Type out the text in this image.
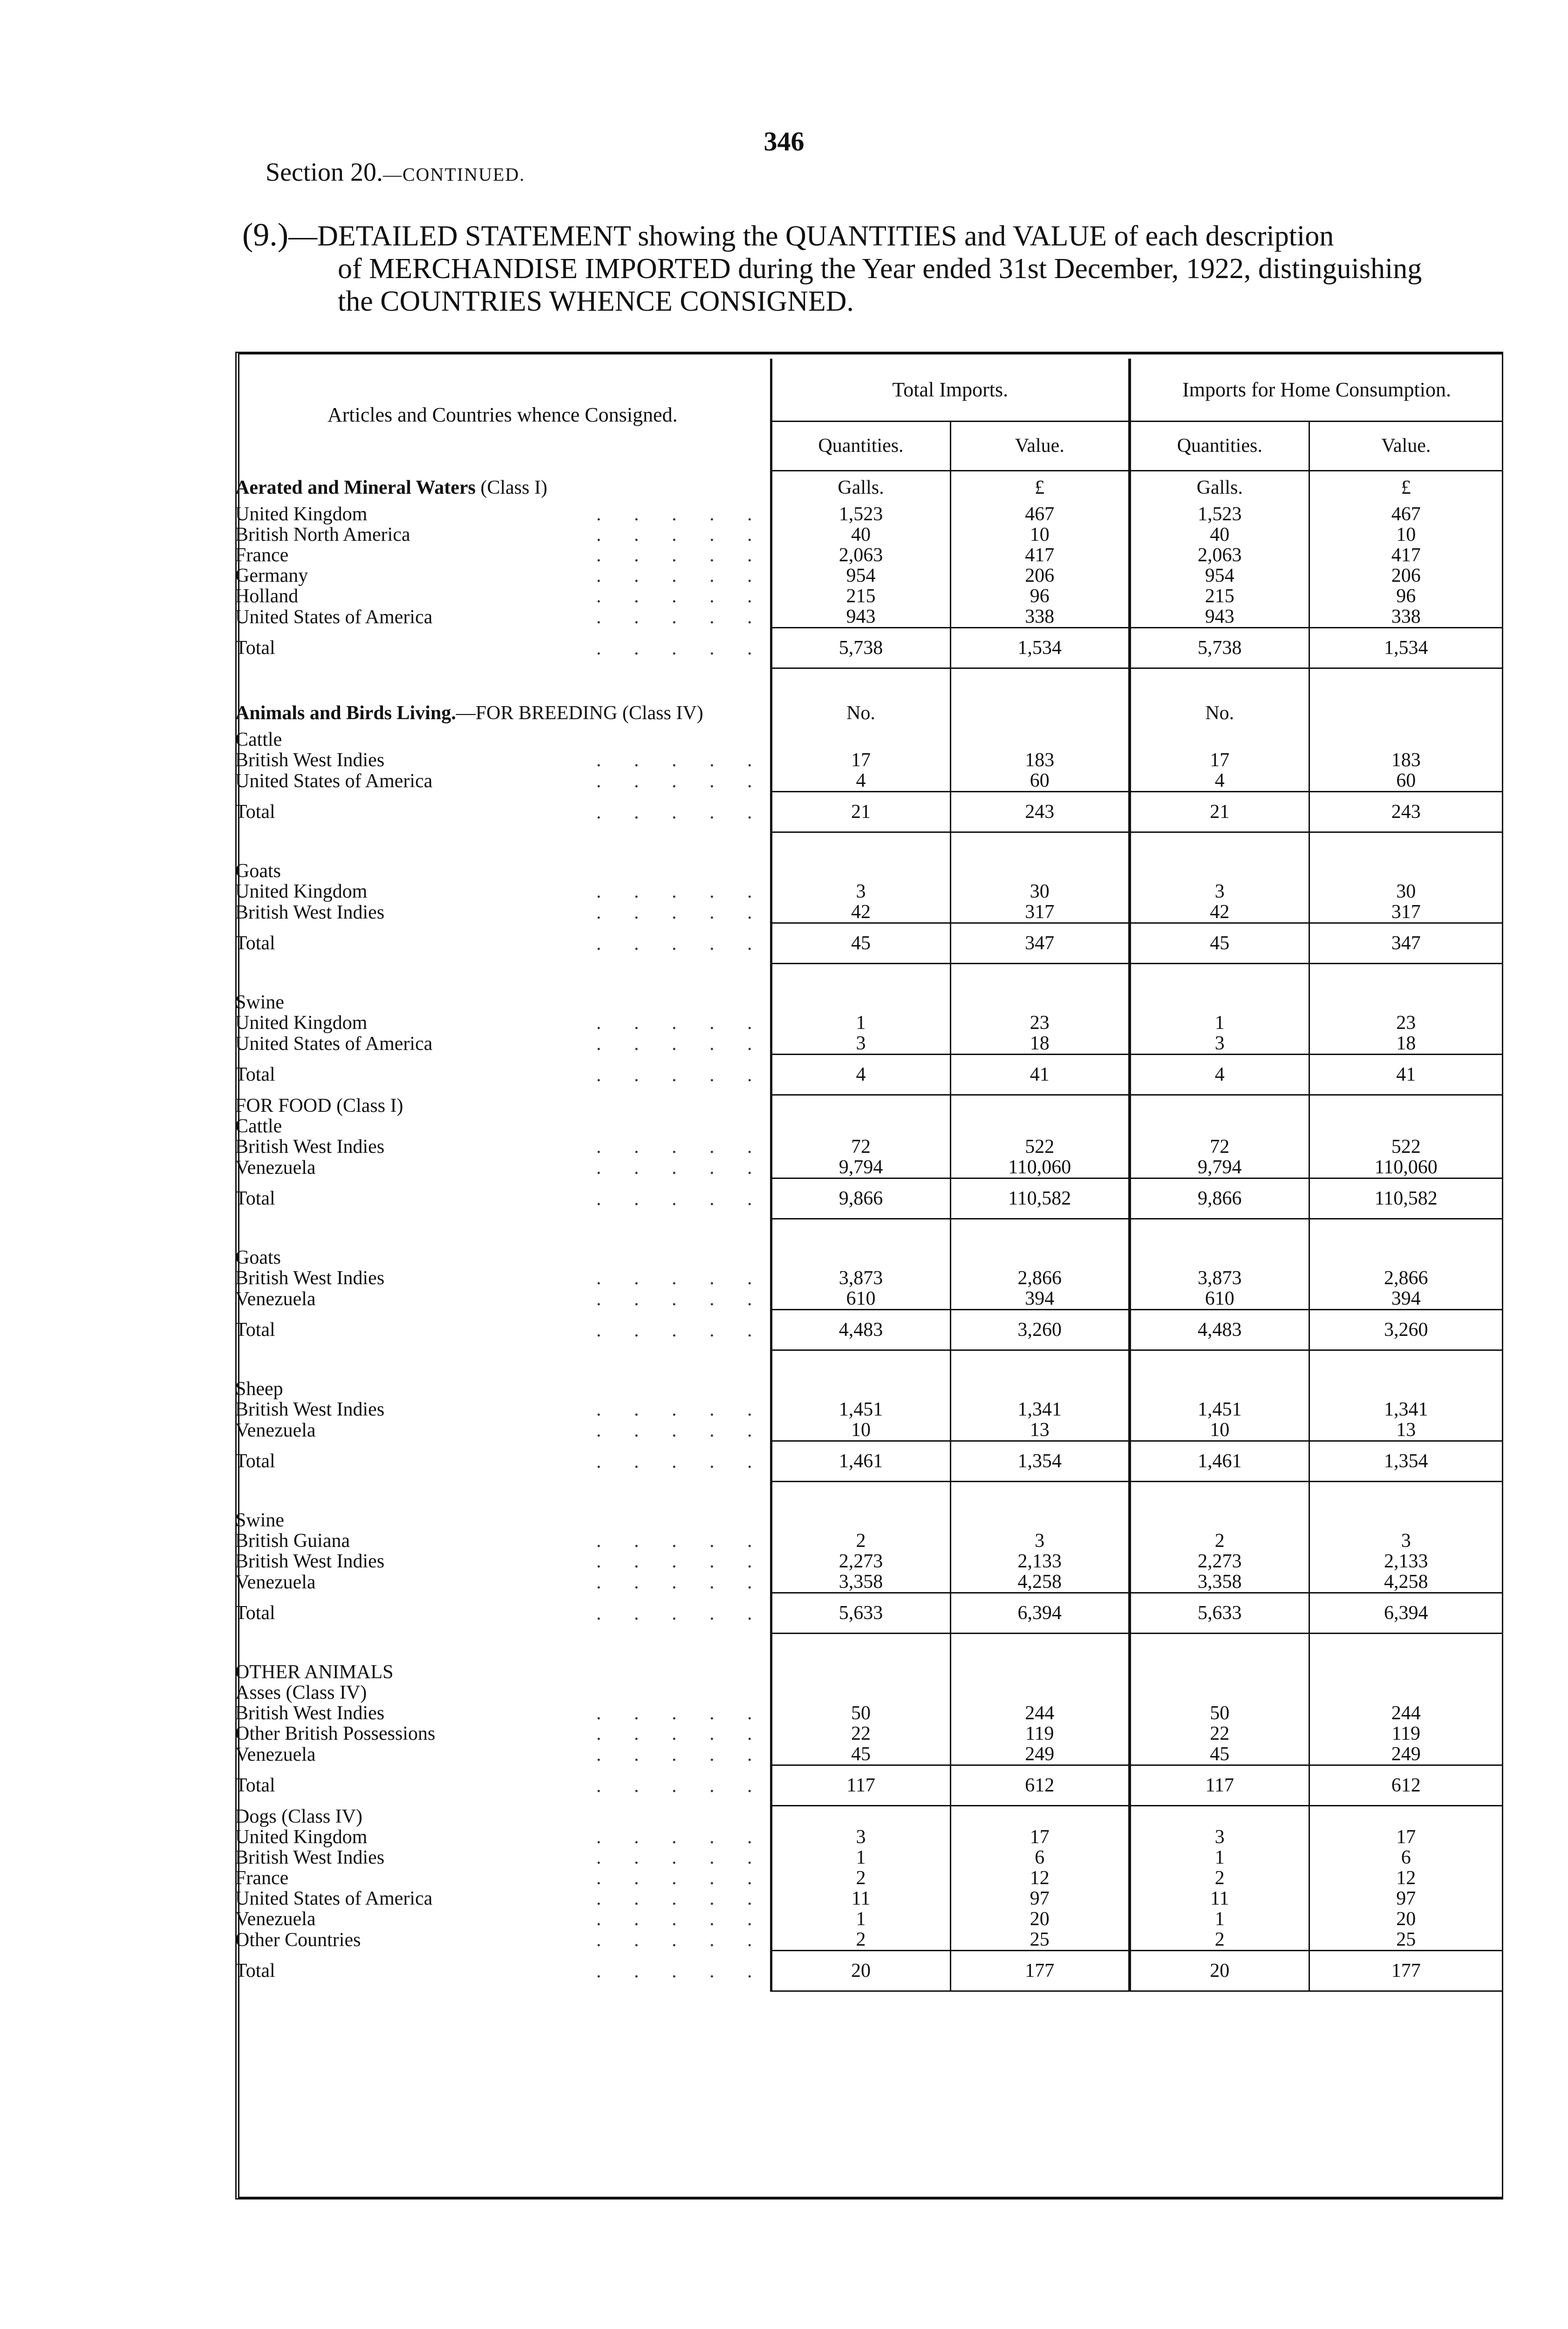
346
Section 20.—CONTINUED.
(9.)—DETAILED STATEMENT showing the QUANTITIES and VALUE of each description
of MERCHANDISE IMPORTED during the Year ended 31st December, 1922, distinguishing
the COUNTRIES WHENCE CONSIGNED.
Articles and Countries whence Consigned.	Total Imports.		Imports for Home Consumption.	
	Quantities.	Value.	Quantities.	Value.
Aerated and Mineral Waters (Class I)	Galls.	£	Galls.	£
United Kingdom . . . . .	1,523	467	1,523	467
British North America . . . . .	40	10	40	10
France . . . . .	2,063	417	2,063	417
Germany . . . . .	954	206	954	206
Holland . . . . .	215	96	215	96
United States of America . . . . .	943	338	943	338
Total . . . . .	5,738	1,534	5,738	1,534

Animals and Birds Living.—FOR BREEDING (Class IV)	No.		No.	
Cattle				
British West Indies . . . . .	17	183	17	183
United States of America . . . . .	4	60	4	60
Total . . . . .	21	243	21	243

Goats				
United Kingdom . . . . .	3	30	3	30
British West Indies . . . . .	42	317	42	317
Total . . . . .	45	347	45	347

Swine				
United Kingdom . . . . .	1	23	1	23
United States of America . . . . .	3	18	3	18
Total . . . . .	4	41	4	41
FOR FOOD (Class I)				
Cattle				
British West Indies . . . . .	72	522	72	522
Venezuela . . . . .	9,794	110,060	9,794	110,060
Total . . . . .	9,866	110,582	9,866	110,582

Goats				
British West Indies . . . . .	3,873	2,866	3,873	2,866
Venezuela . . . . .	610	394	610	394
Total . . . . .	4,483	3,260	4,483	3,260

Sheep				
British West Indies . . . . .	1,451	1,341	1,451	1,341
Venezuela . . . . .	10	13	10	13
Total . . . . .	1,461	1,354	1,461	1,354

Swine				
British Guiana . . . . .	2	3	2	3
British West Indies . . . . .	2,273	2,133	2,273	2,133
Venezuela . . . . .	3,358	4,258	3,358	4,258
Total . . . . .	5,633	6,394	5,633	6,394

OTHER ANIMALS				
Asses (Class IV)				
British West Indies . . . . .	50	244	50	244
Other British Possessions . . . . .	22	119	22	119
Venezuela . . . . .	45	249	45	249
Total . . . . .	117	612	117	612
Dogs (Class IV)				
United Kingdom . . . . .	3	17	3	17
British West Indies . . . . .	1	6	1	6
France . . . . .	2	12	2	12
United States of America . . . . .	11	97	11	97
Venezuela . . . . .	1	20	1	20
Other Countries . . . . .	2	25	2	25
Total . . . . .	20	177	20	177
